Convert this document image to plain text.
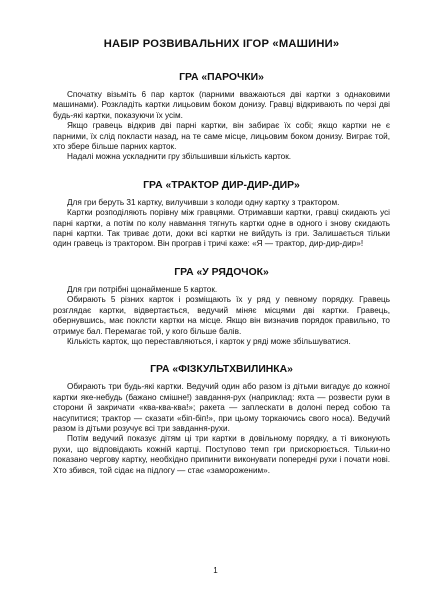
НАБІР РОЗВИВАЛЬНИХ ІГОР «МАШИНИ»
ГРА «ПАРОЧКИ»

Спочатку візьміть 6 пар карток (парними вважаються дві картки з однаковими машинами). Розкладіть картки лицьовим боком донизу. Гравці відкривають по черзі дві будь-які картки, показуючи їх усім.

Якщо гравець відкрив дві парні картки, він забирає їх собі; якщо картки не є парними, їх слід покласти назад, на те саме місце, лицьовим боком донизу. Виграє той, хто збере більше парних карток.

Надалі можна ускладнити гру збільшивши кількість карток.

ГРА «ТРАКТОР ДИР-ДИР-ДИР»

Для гри беруть 31 картку, вилучивши з колоди одну картку з трактором.

Картки розподіляють порівну між гравцями. Отримавши картки, гравці скидають усі парні картки, а потім по колу навмання тягнуть картки одне в одного і знову скидають парні картки. Так триває доти, доки всі картки не вийдуть із гри. Залишається тільки один гравець із трактором. Він програв і тричі каже: «Я — трактор, дир-дир-дир»!

ГРА «У РЯДОЧОК»

Для гри потрібні щонайменше 5 карток.

Обирають 5 різних карток і розміщають їх у ряд у певному порядку. Гравець розглядає картки, відвертається, ведучий міняє місцями дві картки. Гравець, обернувшись, має поклсти картки на місце. Якщо він визначив порядок правильно, то отримує бал. Перемагає той, у кого більше балів.

Кількість карток, що переставляються, і карток у ряді може збільшуватися.

ГРА «ФІЗКУЛЬТХВИЛИНКА»

Обирають три будь-які картки. Ведучий один або разом із дітьми вигадує до кожної картки яке-небудь (бажано смішне!) завдання-рух (наприклад: яхта — розвести руки в сторони й закричати «ква-ква-ква!»; ракета — заплескати в долоні перед собою та насупитися; трактор — сказати «біп-біп!», при цьому торкаючись свого носа). Ведучий разом із дітьми розучує всі три завдання-рухи.

Потім ведучий показує дітям ці три картки в довільному порядку, а ті виконують рухи, що відповідають кожній картці. Поступово темп гри прискорюється. Тільки-но показано чергову картку, необхідно припинити виконувати попередні рухи і почати нові. Хто збився, той сідає на підлогу — стає «замороженим».

1
